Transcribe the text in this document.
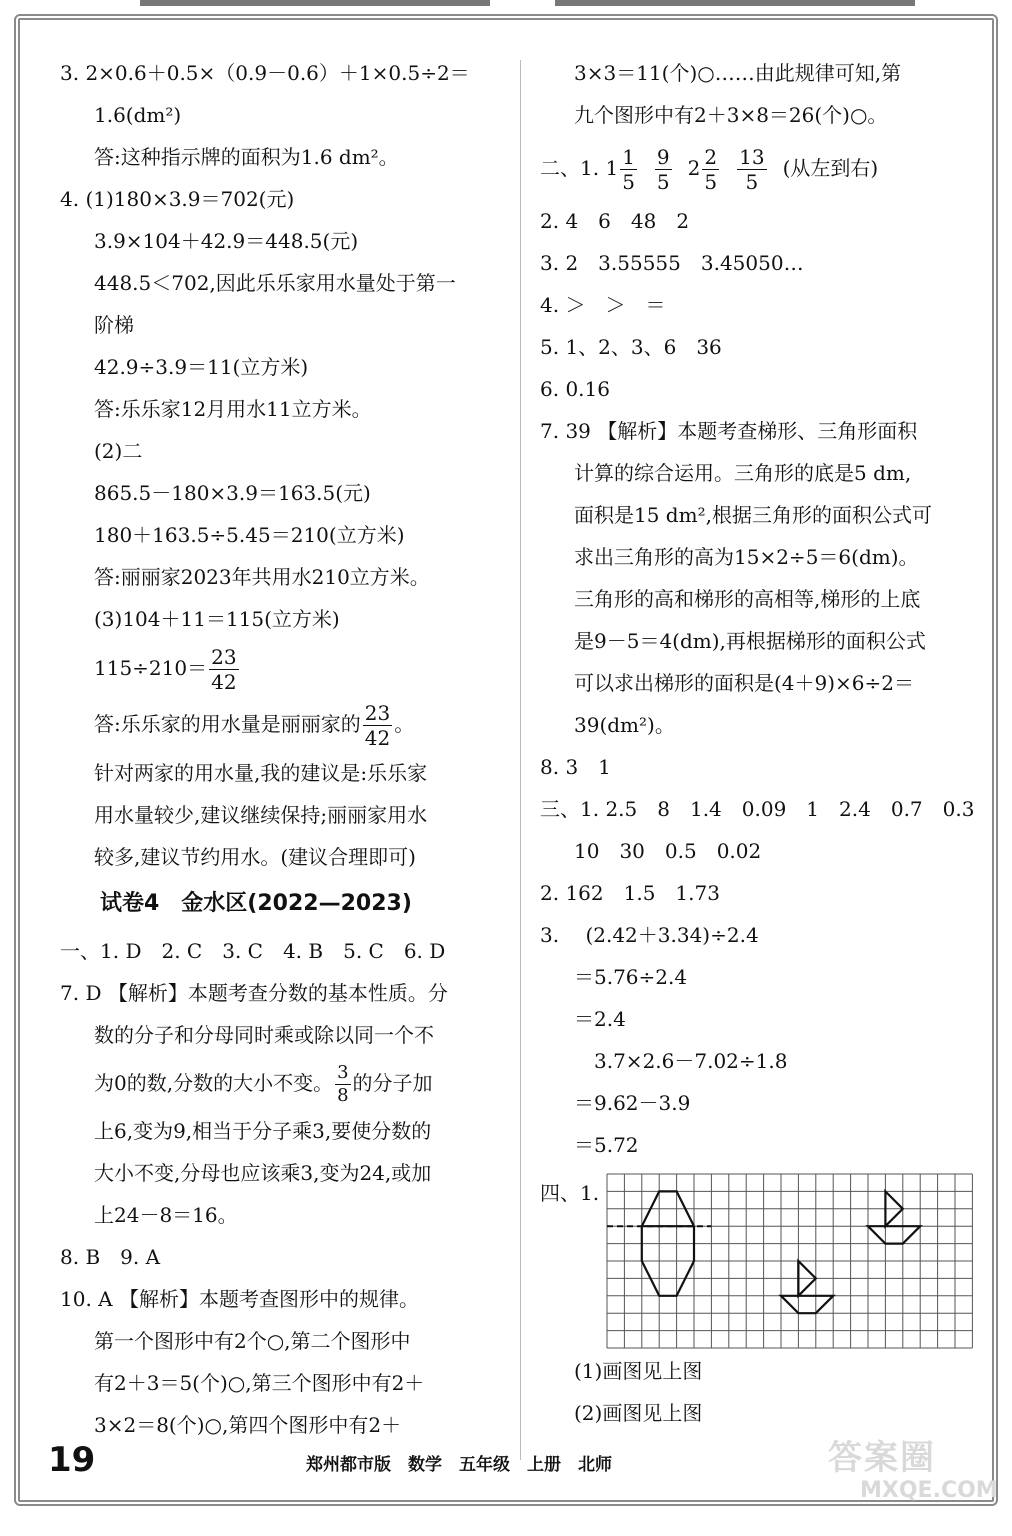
3. 2×0.6＋0.5×（0.9－0.6）＋1×0.5÷2＝
1.6(dm²)
答:这种指示牌的面积为1.6 dm²。
4. (1)180×3.9＝702(元)
3.9×104＋42.9＝448.5(元)
448.5＜702,因此乐乐家用水量处于第一
阶梯
42.9÷3.9＝11(立方米)
答:乐乐家12月用水11立方米。
(2)二
865.5－180×3.9＝163.5(元)
180＋163.5÷5.45＝210(立方米)
答:丽丽家2023年共用水210立方米。
(3)104＋11＝115(立方米)
$115\div 210= \frac{23}{42}$
答:乐乐家的用水量是丽丽家的 $\frac{23}{42}$ 。
针对两家的用水量,我的建议是:乐乐家
用水量较少,建议继续保持;丽丽家用水
较多,建议节约用水。(建议合理即可)
试卷4　金水区(2022—2023)
一、1. D　2. C　3. C　4. B　5. C　6. D
7. D 【解析】本题考查分数的基本性质。分
数的分子和分母同时乘或除以同一个不
为0的数,分数的大小不变。 $\frac{3}{8}$ 的分子加
上6,变为9,相当于分子乘3,要使分数的
大小不变,分母也应该乘3,变为24,或加
上24－8＝16。
8. B　9. A
10. A 【解析】本题考查图形中的规律。
第一个图形中有2个○,第二个图形中
有2＋3＝5(个)○,第三个图形中有2＋
3×2＝8(个)○,第四个图形中有2＋
3×3＝11(个)○……由此规律可知,第
九个图形中有2＋3×8＝26(个)○。
二、1. $1 \frac{1}{5} \frac{9}{5} 2 \frac{2}{5} \frac{13}{5}$ (从左到右)
2. 4　6　48　2
3. 2　3.55555　3.45050…
4. ＞　＞　＝
5. 1、2、3、6　36
6. 0.16
7. 39 【解析】本题考查梯形、三角形面积
计算的综合运用。三角形的底是5 dm,
面积是15 dm²,根据三角形的面积公式可
求出三角形的高为15×2÷5＝6(dm)。
三角形的高和梯形的高相等,梯形的上底
是9－5＝4(dm),再根据梯形的面积公式
可以求出梯形的面积是(4＋9)×6÷2＝
39(dm²)。
8. 3　1
三、1. 2.5　8　1.4　0.09　1　2.4　0.7　0.3
10　30　0.5　0.02
2. 162　1.5　1.73
3. 　(2.42＋3.34)÷2.4
＝5.76÷2.4
＝2.4
　3.7×2.6－7.02÷1.8
＝9.62－3.9
＝5.72
四、1.
(1)画图见上图
(2)画图见上图
19	郑州都市版　数学　五年级　上册　北师	答案圈
MXQE.COM
